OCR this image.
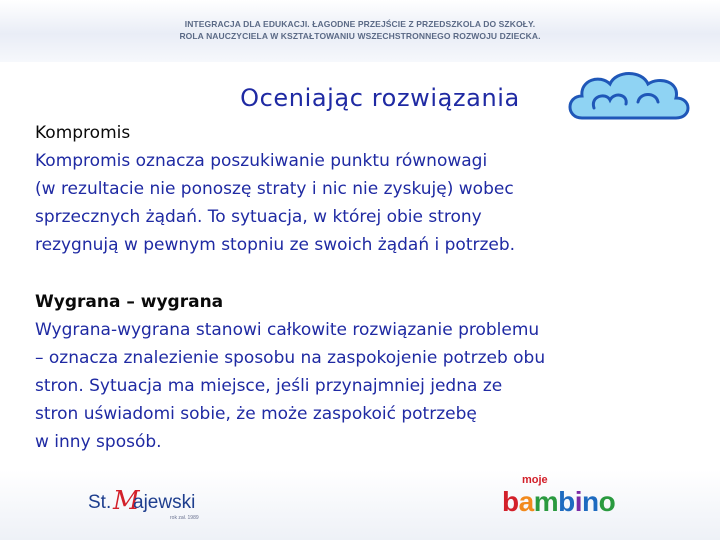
INTEGRACJA DLA EDUKACJI. ŁAGODNE PRZEJŚCIE Z PRZEDSZKOLA DO SZKOŁY.
ROLA NAUCZYCIELA W KSZTAŁTOWANIU WSZECHSTRONNEGO ROZWOJU DZIECKA.
Oceniając rozwiązania
Kompromis
Kompromis oznacza poszukiwanie punktu równowagi
(w rezultacie nie ponoszę straty i nic nie zyskuję) wobec
sprzecznych żądań. To sytuacja, w której obie strony
rezygnują w pewnym stopniu ze swoich żądań i potrzeb.
Wygrana – wygrana
Wygrana-wygrana stanowi całkowite rozwiązanie problemu
– oznacza znalezienie sposobu na zaspokojenie potrzeb obu
stron. Sytuacja ma miejsce, jeśli przynajmniej jedna ze
stron uświadomi sobie, że może zaspokoić potrzebę
w inny sposób.
St. M
ajewski
rok zał. 1989
moje
bambino
